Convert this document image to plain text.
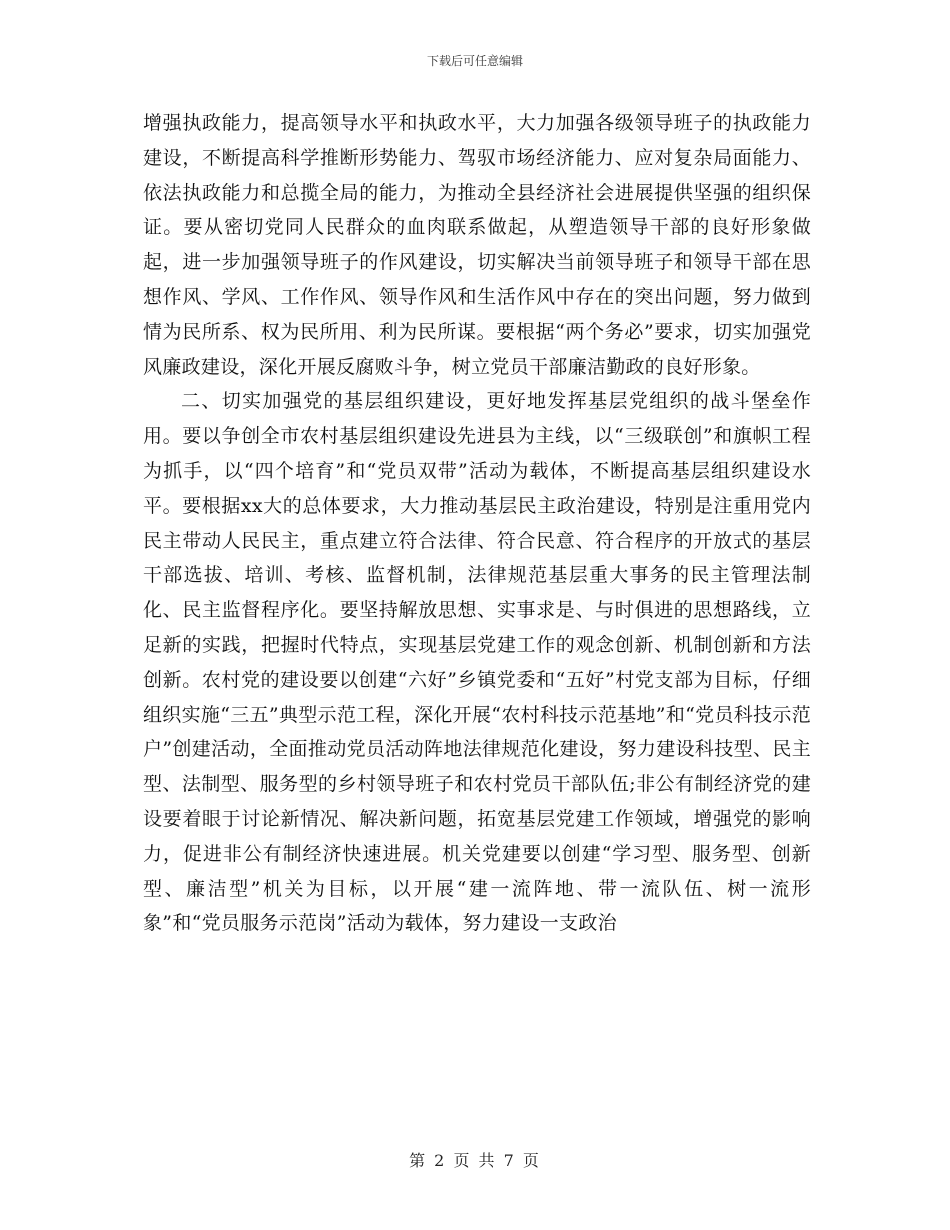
下载后可任意编辑

增强执政能力，提高领导水平和执政水平，大力加强各级领导班子的执政能力建设，不断提高科学推断形势能力、驾驭市场经济能力、应对复杂局面能力、依法执政能力和总揽全局的能力，为推动全县经济社会进展提供坚强的组织保证。要从密切党同人民群众的血肉联系做起，从塑造领导干部的良好形象做起，进一步加强领导班子的作风建设，切实解决当前领导班子和领导干部在思想作风、学风、工作作风、领导作风和生活作风中存在的突出问题，努力做到情为民所系、权为民所用、利为民所谋。要根据“两个务必”要求，切实加强党风廉政建设，深化开展反腐败斗争，树立党员干部廉洁勤政的良好形象。

二、切实加强党的基层组织建设，更好地发挥基层党组织的战斗堡垒作用。要以争创全市农村基层组织建设先进县为主线，以“三级联创”和旗帜工程为抓手，以“四个培育”和“党员双带”活动为载体，不断提高基层组织建设水平。要根据xx大的总体要求，大力推动基层民主政治建设，特别是注重用党内民主带动人民民主，重点建立符合法律、符合民意、符合程序的开放式的基层干部选拔、培训、考核、监督机制，法律规范基层重大事务的民主管理法制化、民主监督程序化。要坚持解放思想、实事求是、与时俱进的思想路线，立足新的实践，把握时代特点，实现基层党建工作的观念创新、机制创新和方法创新。农村党的建设要以创建“六好”乡镇党委和“五好”村党支部为目标，仔细组织实施“三五”典型示范工程，深化开展“农村科技示范基地”和“党员科技示范户”创建活动，全面推动党员活动阵地法律规范化建设，努力建设科技型、民主型、法制型、服务型的乡村领导班子和农村党员干部队伍;非公有制经济党的建设要着眼于讨论新情况、解决新问题，拓宽基层党建工作领域，增强党的影响力，促进非公有制经济快速进展。机关党建要以创建“学习型、服务型、创新型、廉洁型”机关为目标，以开展“建一流阵地、带一流队伍、树一流形象”和“党员服务示范岗”活动为载体，努力建设一支政治

第 2 页 共 7 页
